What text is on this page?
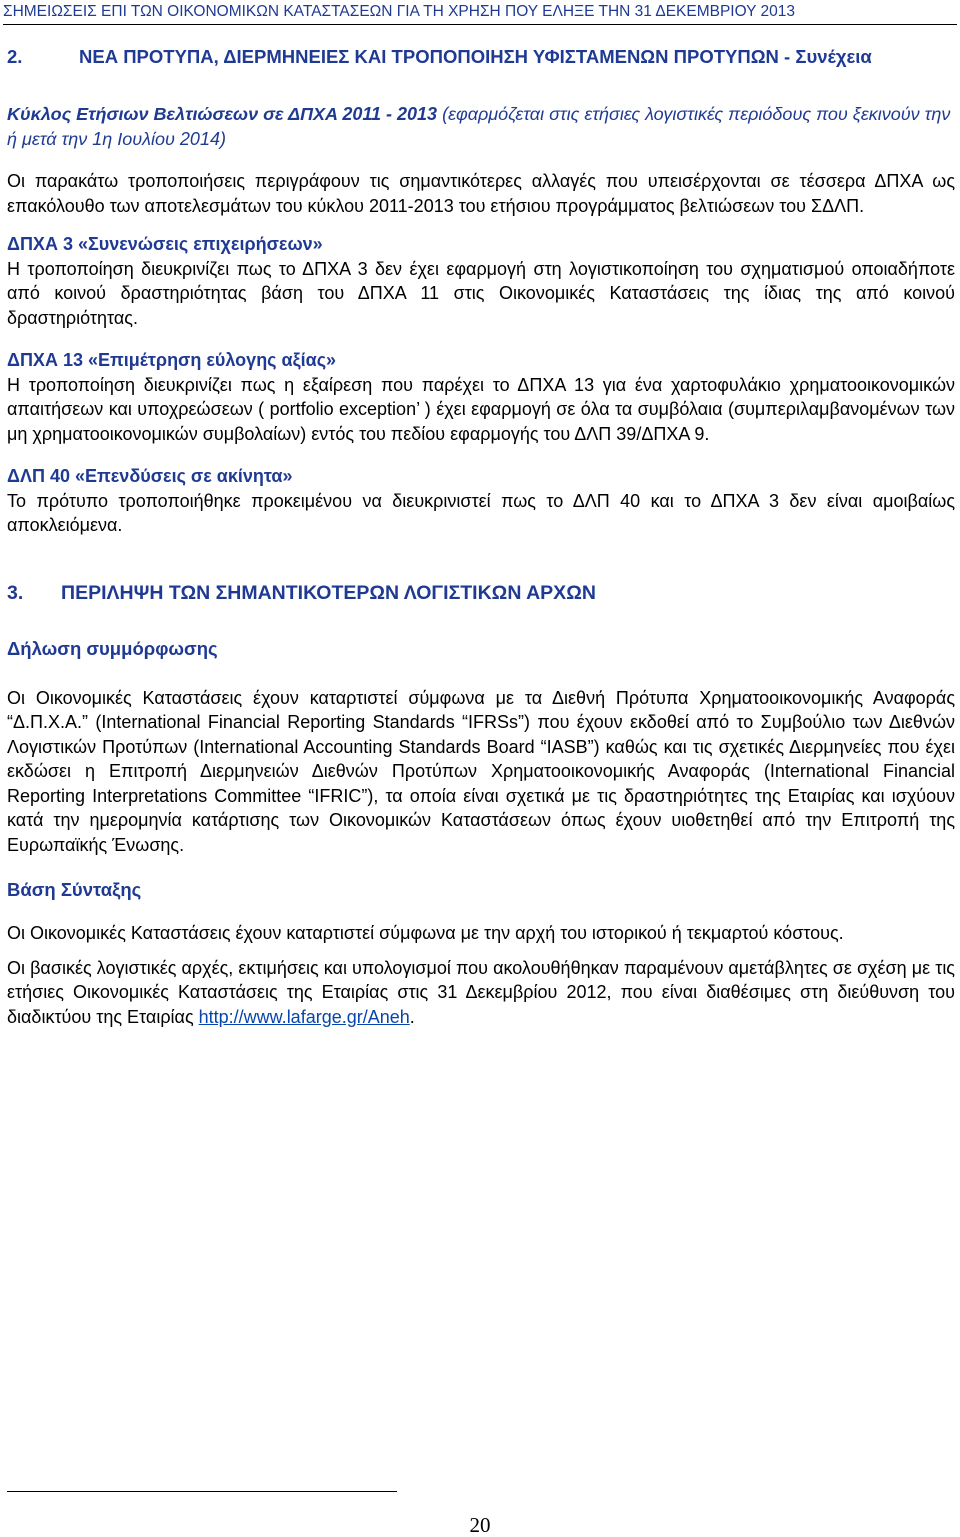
ΣΗΜΕΙΩΣΕΙΣ ΕΠΙ ΤΩΝ ΟΙΚΟΝΟΜΙΚΩΝ ΚΑΤΑΣΤΑΣΕΩΝ ΓΙΑ ΤΗ ΧΡΗΣΗ ΠΟΥ ΕΛΗΞΕ ΤΗΝ 31 ΔΕΚΕΜΒΡΙΟΥ 2013
2.	ΝΕΑ ΠΡΟΤΥΠΑ, ΔΙΕΡΜΗΝΕΙΕΣ ΚΑΙ ΤΡΟΠΟΠΟΙΗΣΗ ΥΦΙΣΤΑΜΕΝΩΝ ΠΡΟΤΥΠΩΝ - Συνέχεια

Κύκλος Ετήσιων Βελτιώσεων σε ΔΠΧΑ 2011 - 2013 (εφαρμόζεται στις ετήσιες λογιστικές περιόδους που ξεκινούν την ή μετά την 1η Ιουλίου 2014)

Οι παρακάτω τροποποιήσεις περιγράφουν τις σημαντικότερες αλλαγές που υπεισέρχονται σε τέσσερα ΔΠΧΑ ως επακόλουθο των αποτελεσμάτων του κύκλου 2011-2013 του ετήσιου προγράμματος βελτιώσεων του ΣΔΛΠ.

ΔΠΧΑ 3 «Συνενώσεις επιχειρήσεων»

Η τροποποίηση διευκρινίζει πως το ΔΠΧΑ 3 δεν έχει εφαρμογή στη λογιστικοποίηση του σχηματισμού οποιαδήποτε από κοινού δραστηριότητας βάση του ΔΠΧΑ 11 στις Οικονομικές Καταστάσεις της ίδιας της από κοινού δραστηριότητας.

ΔΠΧΑ 13 «Επιμέτρηση εύλογης αξίας»

Η τροποποίηση διευκρινίζει πως η εξαίρεση που παρέχει το ΔΠΧΑ 13 για ένα χαρτοφυλάκιο χρηματοοικονομικών απαιτήσεων και υποχρεώσεων ( portfolio exception’ ) έχει εφαρμογή σε όλα τα συμβόλαια (συμπεριλαμβανομένων των μη χρηματοοικονομικών συμβολαίων) εντός του πεδίου εφαρμογής του ΔΛΠ 39/ΔΠΧΑ 9.

ΔΛΠ 40 «Επενδύσεις σε ακίνητα»

Το πρότυπο τροποποιήθηκε προκειμένου να διευκρινιστεί πως το ΔΛΠ 40 και το ΔΠΧΑ 3 δεν είναι αμοιβαίως αποκλειόμενα.

3.	ΠΕΡΙΛΗΨΗ ΤΩΝ ΣΗΜΑΝΤΙΚΟΤΕΡΩΝ ΛΟΓΙΣΤΙΚΩΝ ΑΡΧΩΝ
Δήλωση συμμόρφωσης

Οι Οικονομικές Καταστάσεις έχουν καταρτιστεί σύμφωνα με τα Διεθνή Πρότυπα Χρηματοοικονομικής Αναφοράς “Δ.Π.Χ.Α.” (International Financial Reporting Standards “IFRSs”) που έχουν εκδοθεί από το Συμβούλιο των Διεθνών Λογιστικών Προτύπων (International Accounting Standards Board “IASB”) καθώς και τις σχετικές Διερμηνείες που έχει εκδώσει η Επιτροπή Διερμηνειών Διεθνών Προτύπων Χρηματοοικονομικής Αναφοράς (International Financial Reporting Interpretations Committee “IFRIC”), τα οποία είναι σχετικά με τις δραστηριότητες της Εταιρίας και ισχύουν κατά την ημερομηνία κατάρτισης των Οικονομικών Καταστάσεων όπως έχουν υιοθετηθεί από την Επιτροπή της Ευρωπαϊκής Ένωσης.

Βάση Σύνταξης

Οι Οικονομικές Καταστάσεις έχουν καταρτιστεί σύμφωνα με την αρχή του ιστορικού ή τεκμαρτού κόστους.

Οι βασικές λογιστικές αρχές, εκτιμήσεις και υπολογισμοί που ακολουθήθηκαν παραμένουν αμετάβλητες σε σχέση με τις ετήσιες Οικονομικές Καταστάσεις της Εταιρίας στις 31 Δεκεμβρίου 2012, που είναι διαθέσιμες στη διεύθυνση του διαδικτύου της Εταιρίας http://www.lafarge.gr/Aneh.

20
